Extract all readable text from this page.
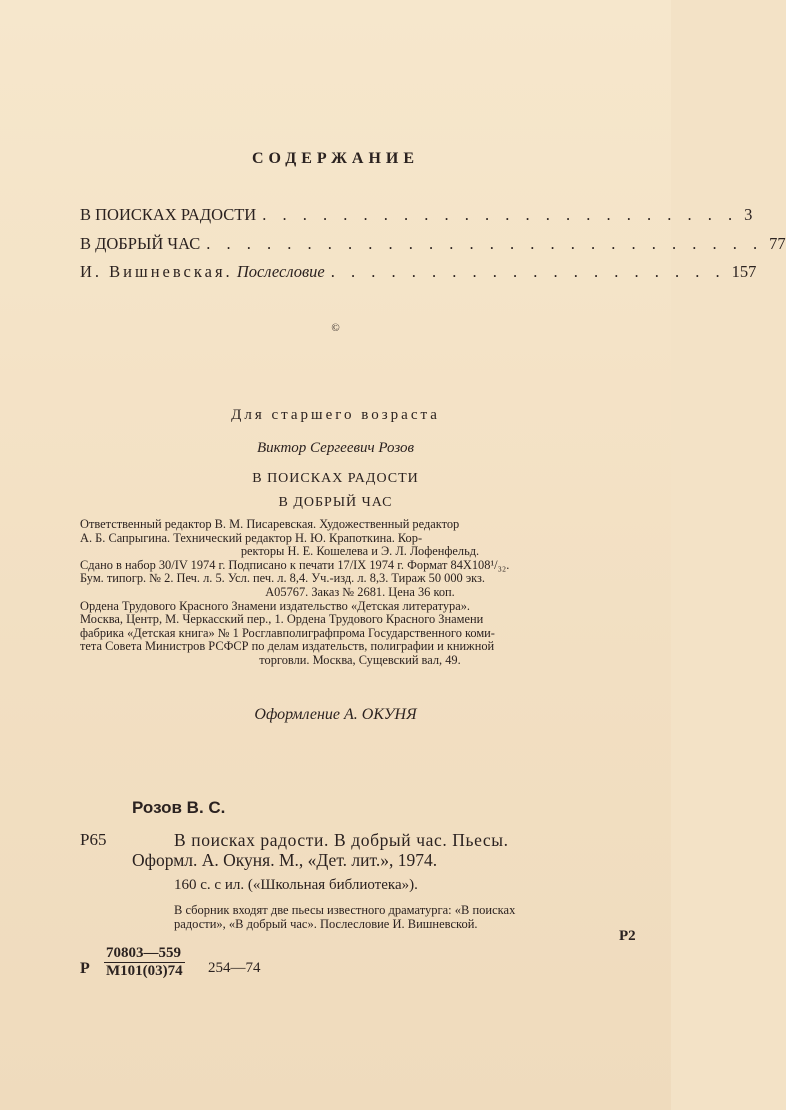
СОДЕРЖАНИЕ
В ПОИСКАХ РАДОСТИ . . . . . . . . . . . . . . . . . . . . . . . . 3
В ДОБРЫЙ ЧАС . . . . . . . . . . . . . . . . . . . . . . . . . . . . 77
И. Вишневская. Послесловие . . . . . . . . . . . . . . . . . . . . 157
©
Для старшего возраста
Виктор Сергеевич Розов
В ПОИСКАХ РАДОСТИ
В ДОБРЫЙ ЧАС
Ответственный редактор В. М. Писаревская. Художественный редактор
А. Б. Сапрыгина. Технический редактор Н. Ю. Крапоткина. Кор-
ректоры Н. Е. Кошелева и Э. Л. Лофенфельд.
Сдано в набор 30/IV 1974 г. Подписано к печати 17/IX 1974 г. Формат 84X108¹/₃₂.
Бум. типогр. № 2. Печ. л. 5. Усл. печ. л. 8,4. Уч.-изд. л. 8,3. Тираж 50 000 экз.
А05767. Заказ № 2681. Цена 36 коп.
Ордена Трудового Красного Знамени издательство «Детская литература».
Москва, Центр, М. Черкасский пер., 1. Ордена Трудового Красного Знамени
фабрика «Детская книга» № 1 Росглавполиграфпрома Государственного коми-
тета Совета Министров РСФСР по делам издательств, полиграфии и книжной
торговли. Москва, Сущевский вал, 49.
Оформление А. ОКУНЯ
Розов В. С.
Р65	В поисках радости. В добрый час. Пьесы.
Оформл. А. Окуня. М., «Дет. лит.», 1974.
160 с. с ил. («Школьная библиотека»).
В сборник входят две пьесы известного драматурга: «В поисках
радости», «В добрый час». Послесловие И. Вишневской.
Р2
Р
70803—559
М101(03)74 254—74
